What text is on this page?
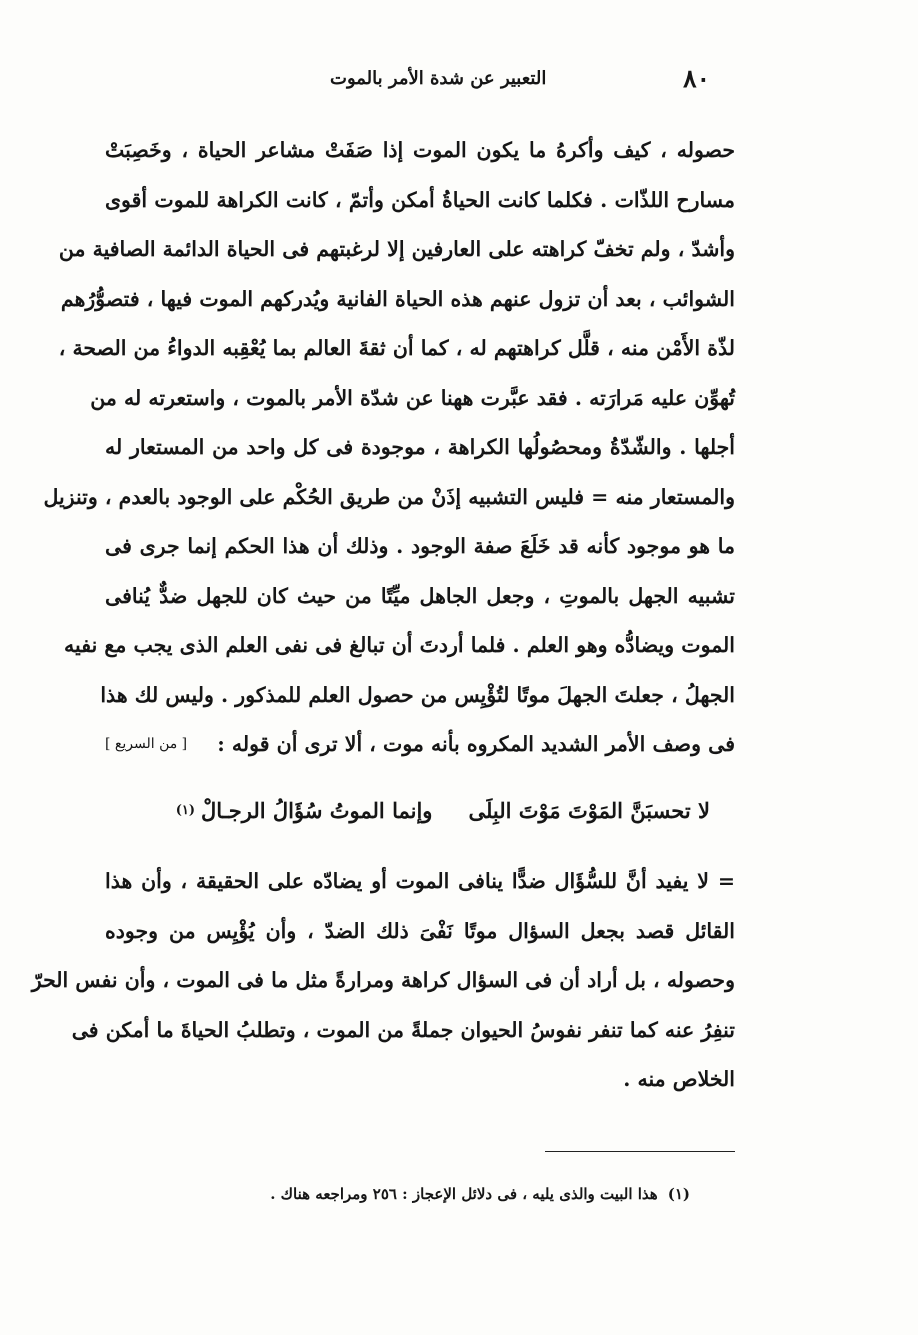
٨٠
التعبير عن شدة الأمر بالموت
حصوله ، كيف وأكرهُ ما يكون الموت إذا صَفَتْ مشاعر الحياة ، وخَصِبَتْ
مسارح اللذّات . فكلما كانت الحياةُ أمكن وأتمّ ، كانت الكراهة للموت أقوى
وأشدّ ، ولم تخفّ كراهته على العارفين إلا لرغبتهم فى الحياة الدائمة الصافية من
الشوائب ، بعد أن تزول عنهم هذه الحياة الفانية ويُدركهم الموت فيها ، فتصوُّرُهم
لذّة الأَمْن منه ، قلَّل كراهتهم له ، كما أن ثقةَ العالم بما يُعْقِبه الدواءُ من الصحة ،
تُهوِّن عليه مَرارَته . فقد عبَّرت ههنا عن شدّة الأمر بالموت ، واستعرته له من
أجلها . والشّدّةُ ومحصُولُها الكراهة ، موجودة فى كل واحد من المستعار له
والمستعار منه = فليس التشبيه إذَنْ من طريق الحُكْم على الوجود بالعدم ، وتنزيل
ما هو موجود كأنه قد خَلَعَ صفة الوجود . وذلك أن هذا الحكم إنما جرى فى
تشبيه الجهل بالموتِ ، وجعل الجاهل ميِّتًا من حيث كان للجهل ضدٌّ يُنافى
الموت ويضادُّه وهو العلم . فلما أردتَ أن تبالغ فى نفى العلم الذى يجب مع نفيه
الجهلُ ، جعلتَ الجهلَ موتًا لتُؤْيِس من حصول العلم للمذكور . وليس لك هذا
فى وصف الأمر الشديد المكروه بأنه موت ، ألا ترى أن قوله :
[ من السريع ]
لا تحسبَنَّ المَوْتَ مَوْتَ البِلَى
وإنما الموتُ سُؤَالُ الرجـالْ
(١)
= لا يفيد أنَّ للسُّؤَال ضدًّا ينافى الموت أو يضادّه على الحقيقة ، وأن هذا
القائل قصد بجعل السؤال موتًا نَفْىَ ذلك الضدّ ، وأن يُؤْيِس من وجوده
وحصوله ، بل أراد أن فى السؤال كراهة ومرارةً مثل ما فى الموت ، وأن نفس الحرّ
تنفِرُ عنه كما تنفر نفوسُ الحيوان جملةً من الموت ، وتطلبُ الحياةَ ما أمكن فى
الخلاص منه .
(١)هذا البيت والذى يليه ، فى دلائل الإعجاز : ٢٥٦ ومراجعه هناك .
